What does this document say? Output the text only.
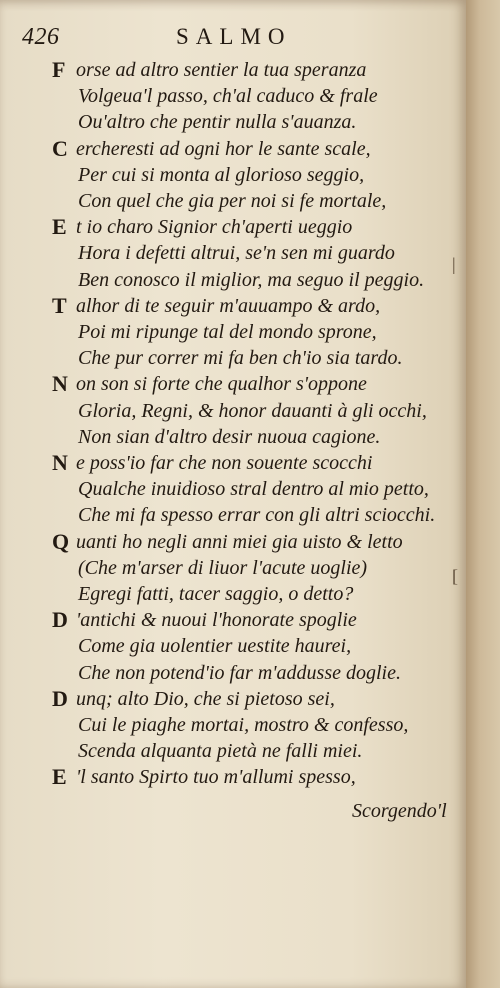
426	SALMO
F orse ad altro sentier la tua speranza
Volgeua'l passo, ch'al caduco & frale
Ou'altro che pentir nulla s'auanza.
C ercheresti ad ogni hor le sante scale,
Per cui si monta al glorioso seggio,
Con quel che gia per noi si fe mortale,
E t io charo Signior ch'aperti ueggio
Hora i defetti altrui, se'n sen mi guardo
Ben conosco il miglior, ma seguo il peggio.
T alhor di te seguir m'auuampo & ardo,
Poi mi ripunge tal del mondo sprone,
Che pur correr mi fa ben ch'io sia tardo.
N on son si forte che qualhor s'oppone
Gloria, Regni, & honor dauanti à gli occhi,
Non sian d'altro desir nuoua cagione.
N e poss'io far che non souente scocchi
Qualche inuidioso stral dentro al mio petto,
Che mi fa spesso errar con gli altri sciocchi.
Q uanti ho negli anni miei gia uisto & letto
(Che m'arser di liuor l'acute uoglie)
Egregi fatti, tacer saggio, o detto?
D 'antichi & nuoui l'honorate spoglie
Come gia uolentier uestite haurei,
Che non potend'io far m'addusse doglie.
D unq; alto Dio, che si pietoso sei,
Cui le piaghe mortai, mostro & confesso,
Scenda alquanta pietà ne falli miei.
E 'l santo Spirto tuo m'allumi spesso,
Scorgendo'l
|
[
